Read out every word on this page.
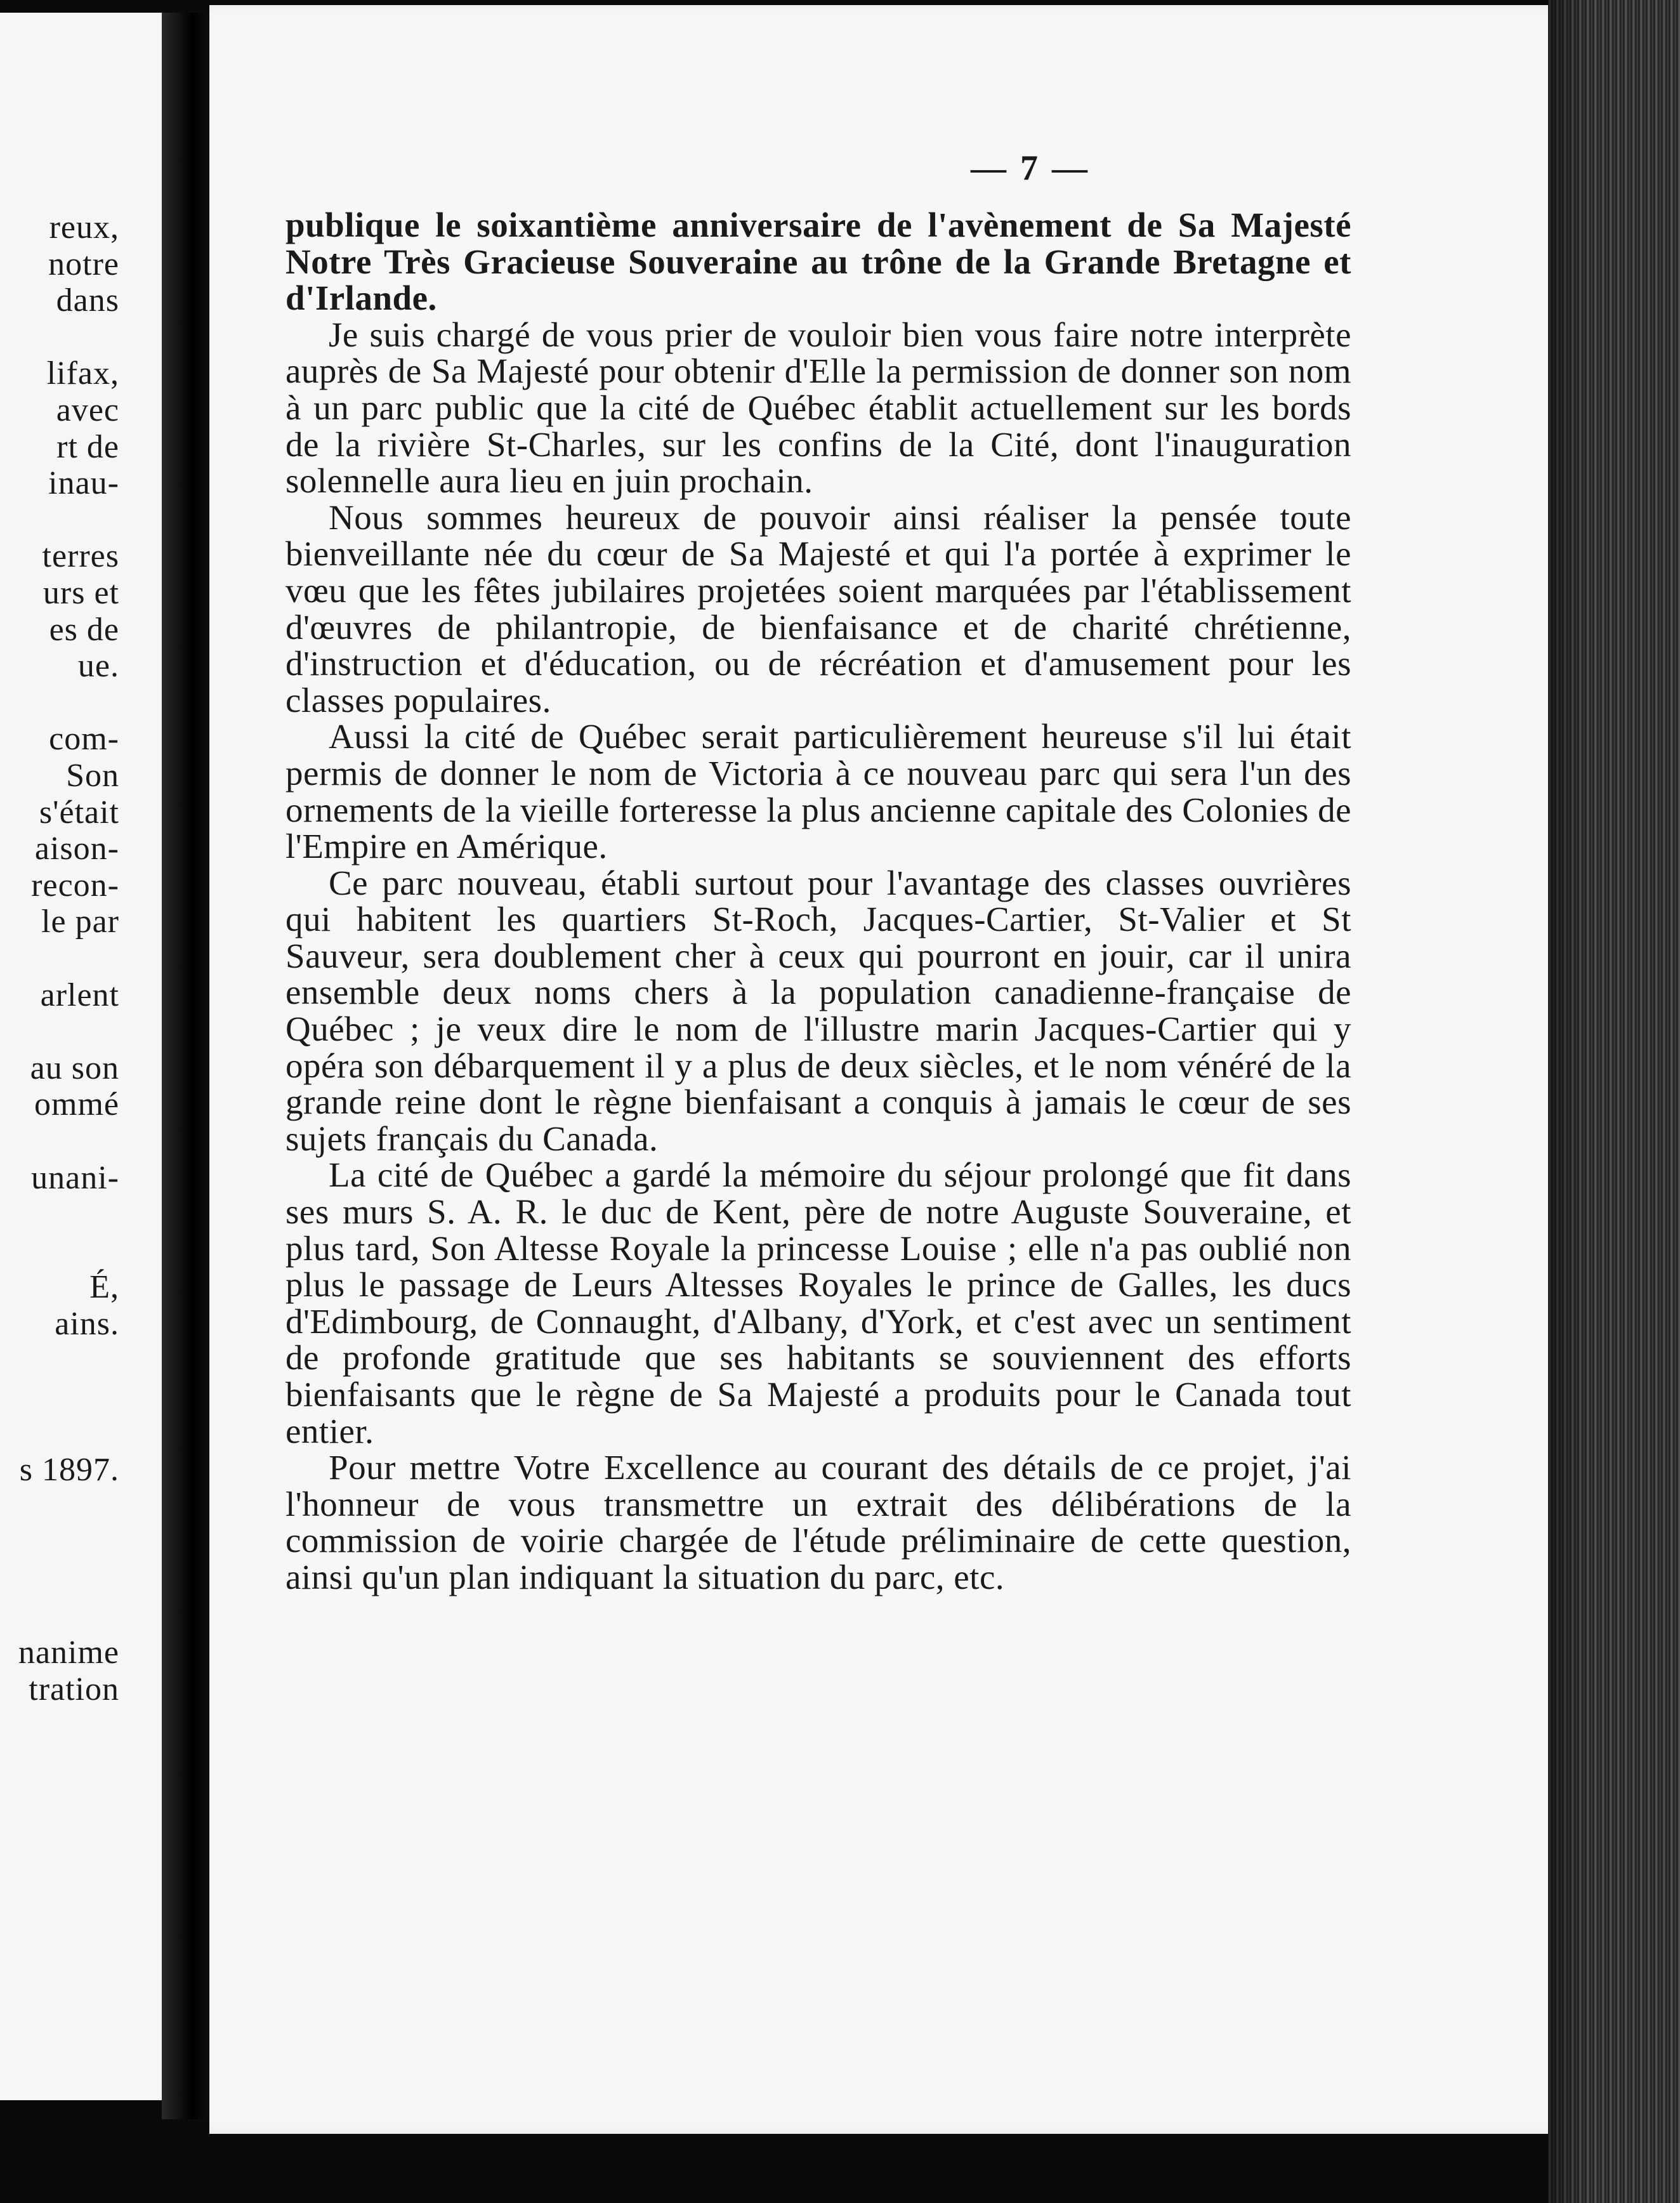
reux,

notre

dans

lifax,

avec

rt de

inau-

terres

urs et

es de

ue.

com-

Son

s'était

aison-

recon-

le par

arlent

au son

ommé

unani-

É,

ains.

s 1897.

nanime

tration

— 7 —

publique le soixantième anniversaire de l'avènement de Sa Majesté Notre Très Gracieuse Souveraine au trône de la Grande Bretagne et d'Irlande.

Je suis chargé de vous prier de vouloir bien vous faire notre interprète auprès de Sa Majesté pour obtenir d'Elle la permission de donner son nom à un parc public que la cité de Québec établit actuellement sur les bords de la rivière St-Charles, sur les confins de la Cité, dont l'inauguration solennelle aura lieu en juin prochain.

Nous sommes heureux de pouvoir ainsi réaliser la pensée toute bienveillante née du cœur de Sa Majesté et qui l'a portée à exprimer le vœu que les fêtes jubilaires projetées soient marquées par l'établissement d'œuvres de philantropie, de bienfaisance et de charité chrétienne, d'instruction et d'éducation, ou de récréation et d'amusement pour les classes populaires.

Aussi la cité de Québec serait particulièrement heureuse s'il lui était permis de donner le nom de Victoria à ce nouveau parc qui sera l'un des ornements de la vieille forteresse la plus ancienne capitale des Colonies de l'Empire en Amérique.

Ce parc nouveau, établi surtout pour l'avantage des classes ouvrières qui habitent les quartiers St-Roch, Jacques-Cartier, St-Valier et St Sauveur, sera doublement cher à ceux qui pourront en jouir, car il unira ensemble deux noms chers à la population canadienne-française de Québec ; je veux dire le nom de l'illustre marin Jacques-Cartier qui y opéra son débarquement il y a plus de deux siècles, et le nom vénéré de la grande reine dont le règne bienfaisant a conquis à jamais le cœur de ses sujets français du Canada.

La cité de Québec a gardé la mémoire du séjour prolongé que fit dans ses murs S. A. R. le duc de Kent, père de notre Auguste Souveraine, et plus tard, Son Altesse Royale la princesse Louise ; elle n'a pas oublié non plus le passage de Leurs Altesses Royales le prince de Galles, les ducs d'Edimbourg, de Connaught, d'Albany, d'York, et c'est avec un sentiment de profonde gratitude que ses habitants se souviennent des efforts bienfaisants que le règne de Sa Majesté a produits pour le Canada tout entier.

Pour mettre Votre Excellence au courant des détails de ce projet, j'ai l'honneur de vous transmettre un extrait des délibérations de la commission de voirie chargée de l'étude préliminaire de cette question, ainsi qu'un plan indiquant la situation du parc, etc.
